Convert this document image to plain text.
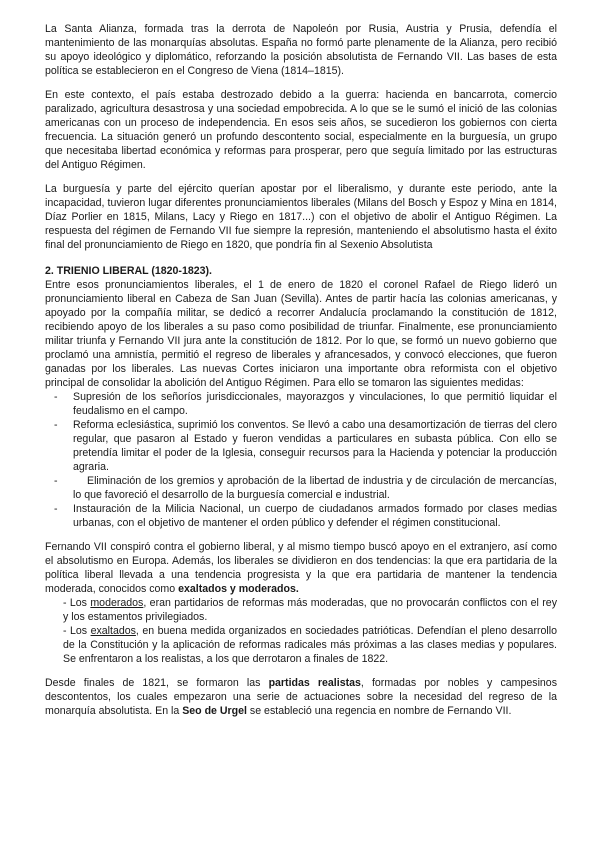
La Santa Alianza, formada tras la derrota de Napoleón por Rusia, Austria y Prusia, defendía el mantenimiento de las monarquías absolutas. España no formó parte plenamente de la Alianza, pero recibió su apoyo ideológico y diplomático, reforzando la posición absolutista de Fernando VII. Las bases de esta política se establecieron en el Congreso de Viena (1814–1815).

En este contexto, el país estaba destrozado debido a la guerra: hacienda en bancarrota, comercio paralizado, agricultura desastrosa y una sociedad empobrecida. A lo que se le sumó el inició de las colonias americanas con un proceso de independencia. En esos seis años, se sucedieron los gobiernos con cierta frecuencia. La situación generó un profundo descontento social, especialmente en la burguesía, un grupo que necesitaba libertad económica y reformas para prosperar, pero que seguía limitado por las estructuras del Antiguo Régimen.

La burguesía y parte del ejército querían apostar por el liberalismo, y durante este periodo, ante la incapacidad, tuvieron lugar diferentes pronunciamientos liberales (Milans del Bosch y Espoz y Mina en 1814, Díaz Porlier en 1815, Milans, Lacy y Riego en 1817...) con el objetivo de abolir el Antiguo Régimen. La respuesta del régimen de Fernando VII fue siempre la represión, manteniendo el absolutismo hasta el éxito final del pronunciamiento de Riego en 1820, que pondría fin al Sexenio Absolutista

2. TRIENIO LIBERAL (1820-1823).

Entre esos pronunciamientos liberales, el 1 de enero de 1820 el coronel Rafael de Riego lideró un pronunciamiento liberal en Cabeza de San Juan (Sevilla). Antes de partir hacía las colonias americanas, y apoyado por la compañía militar, se dedicó a recorrer Andalucía proclamando la constitución de 1812, recibiendo apoyo de los liberales a su paso como posibilidad de triunfar. Finalmente, ese pronunciamiento militar triunfa y Fernando VII jura ante la constitución de 1812. Por lo que, se formó un nuevo gobierno que proclamó una amnistía, permitió el regreso de liberales y afrancesados, y convocó elecciones, que fueron ganadas por los liberales. Las nuevas Cortes iniciaron una importante obra reformista con el objetivo principal de consolidar la abolición del Antiguo Régimen. Para ello se tomaron las siguientes medidas:

- Supresión de los señoríos jurisdiccionales, mayorazgos y vinculaciones, lo que permitió liquidar el feudalismo en el campo.
- Reforma eclesiástica, suprimió los conventos. Se llevó a cabo una desamortización de tierras del clero regular, que pasaron al Estado y fueron vendidas a particulares en subasta pública. Con ello se pretendía limitar el poder de la Iglesia, conseguir recursos para la Hacienda y potenciar la producción agraria.
-	Eliminación de los gremios y aprobación de la libertad de industria y de circulación de mercancías, lo que favoreció el desarrollo de la burguesía comercial e industrial.
- Instauración de la Milicia Nacional, un cuerpo de ciudadanos armados formado por clases medias urbanas, con el objetivo de mantener el orden público y defender el régimen constitucional.

Fernando VII conspiró contra el gobierno liberal, y al mismo tiempo buscó apoyo en el extranjero, así como el absolutismo en Europa. Además, los liberales se dividieron en dos tendencias: la que era partidaria de la política liberal llevada a una tendencia progresista y la que era partidaria de mantener la tendencia moderada, conocidos como exaltados y moderados.

- Los moderados, eran partidarios de reformas más moderadas, que no provocarán conflictos con el rey y los estamentos privilegiados.
- Los exaltados, en buena medida organizados en sociedades patrióticas. Defendían el pleno desarrollo de la Constitución y la aplicación de reformas radicales más próximas a las clases medias y populares. Se enfrentaron a los realistas, a los que derrotaron a finales de 1822.

Desde finales de 1821, se formaron las partidas realistas, formadas por nobles y campesinos descontentos, los cuales empezaron una serie de actuaciones sobre la necesidad del regreso de la monarquía absolutista. En la Seo de Urgel se estableció una regencia en nombre de Fernando VII.
